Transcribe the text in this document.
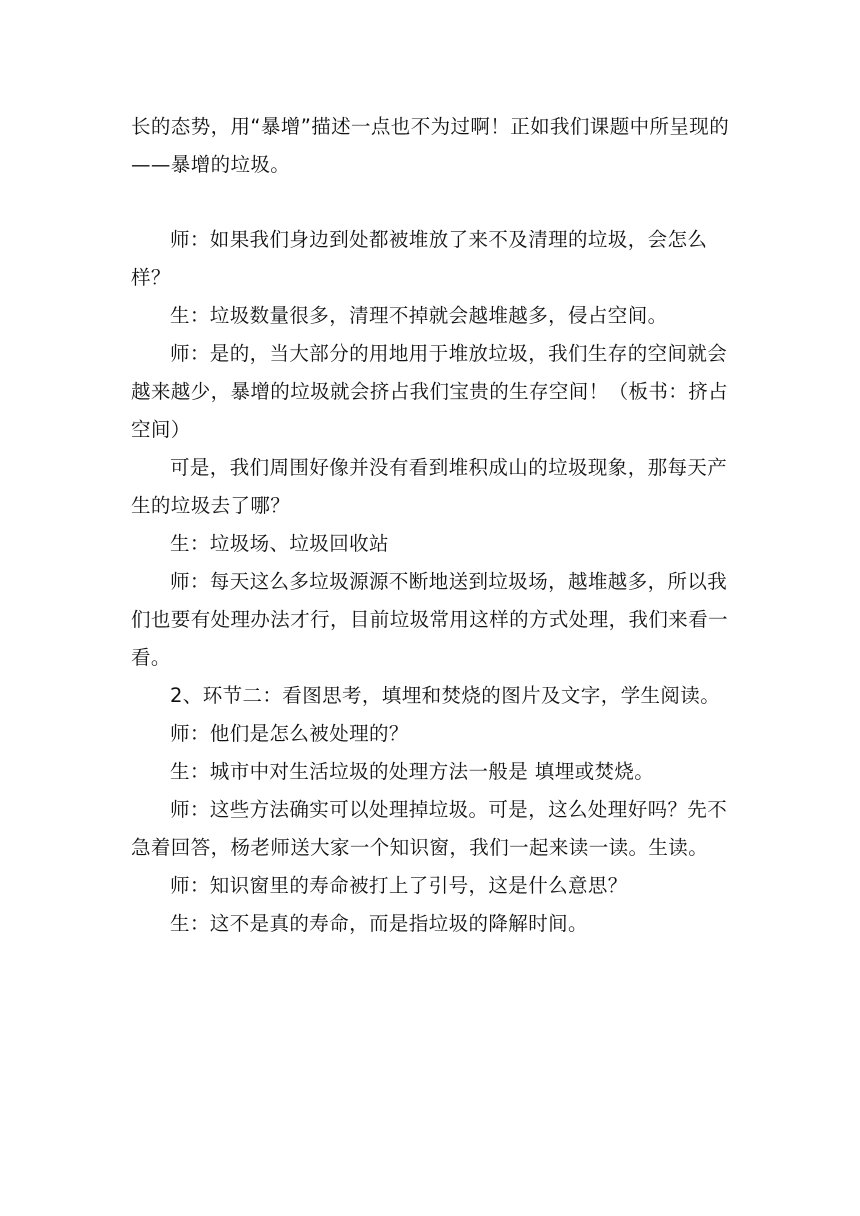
长的态势，用“暴增”描述一点也不为过啊！正如我们课题中所呈现的——暴增的垃圾。

师：如果我们身边到处都被堆放了来不及清理的垃圾，会怎么样？

生：垃圾数量很多，清理不掉就会越堆越多，侵占空间。

师：是的，当大部分的用地用于堆放垃圾，我们生存的空间就会越来越少，暴增的垃圾就会挤占我们宝贵的生存空间！（板书：挤占空间）

可是，我们周围好像并没有看到堆积成山的垃圾现象，那每天产生的垃圾去了哪？

生：垃圾场、垃圾回收站

师：每天这么多垃圾源源不断地送到垃圾场，越堆越多，所以我们也要有处理办法才行，目前垃圾常用这样的方式处理，我们来看一看。

2、环节二：看图思考，填埋和焚烧的图片及文字，学生阅读。

师：他们是怎么被处理的？

生：城市中对生活垃圾的处理方法一般是 填埋或焚烧。

师：这些方法确实可以处理掉垃圾。可是，这么处理好吗？先不急着回答，杨老师送大家一个知识窗，我们一起来读一读。生读。

师：知识窗里的寿命被打上了引号，这是什么意思？

生：这不是真的寿命，而是指垃圾的降解时间。
